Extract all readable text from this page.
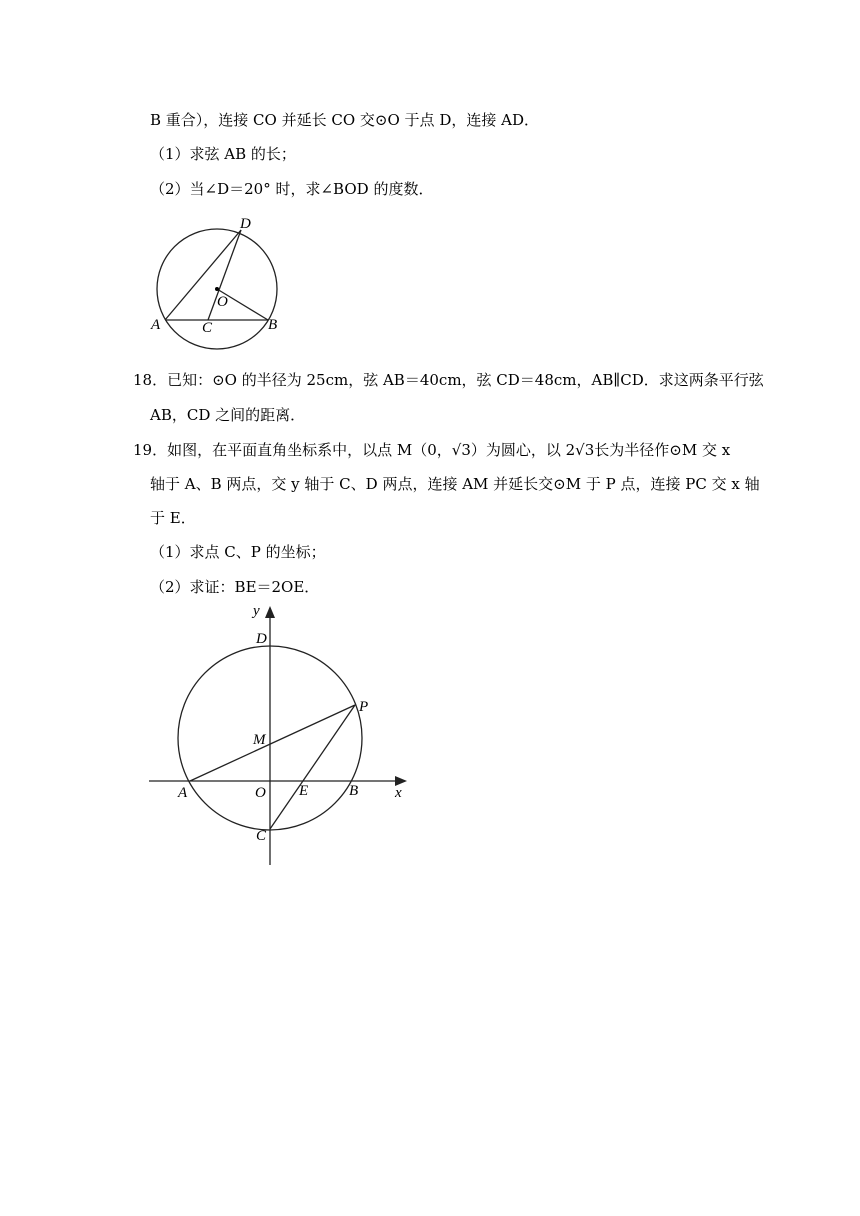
B 重合），连接 CO 并延长 CO 交⊙O 于点 D，连接 AD．
（1）求弦 AB 的长；
（2）当∠D＝20° 时，求∠BOD 的度数．
D
O
A	C	B
18．已知：⊙O 的半径为 25cm，弦 AB＝40cm，弦 CD＝48cm，AB∥CD．求这两条平行弦
AB，CD 之间的距离．
19．如图，在平面直角坐标系中，以点 M（0，√3）为圆心，以 2√3长为半径作⊙M 交 x
轴于 A、B 两点，交 y 轴于 C、D 两点，连接 AM 并延长交⊙M 于 P 点，连接 PC 交 x 轴
于 E．
（1）求点 C、P 的坐标；
（2）求证：BE＝2OE．
y
D
P
M
A	O E	B x
C
